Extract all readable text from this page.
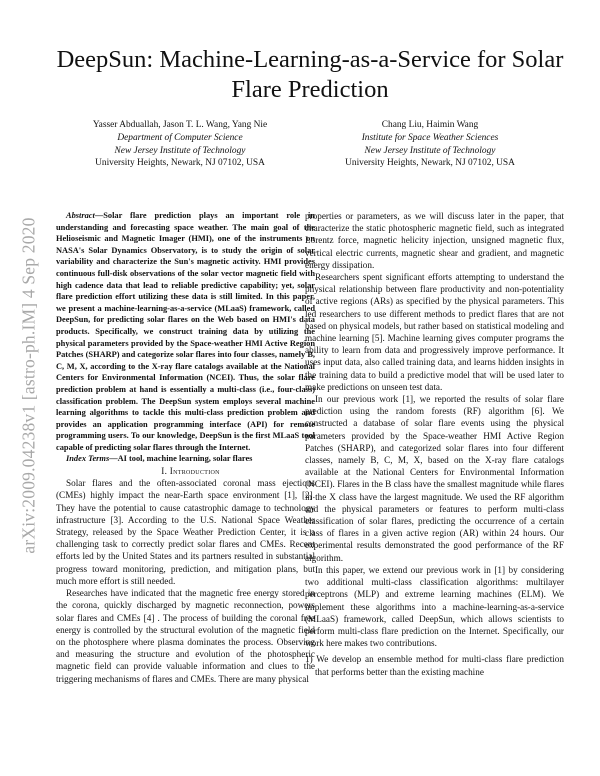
arXiv:2009.04238v1 [astro-ph.IM] 4 Sep 2020
DeepSun: Machine-Learning-as-a-Service for Solar Flare Prediction
Yasser Abduallah, Jason T. L. Wang, Yang Nie
Department of Computer Science
New Jersey Institute of Technology
University Heights, Newark, NJ 07102, USA
Chang Liu, Haimin Wang
Institute for Space Weather Sciences
New Jersey Institute of Technology
University Heights, Newark, NJ 07102, USA

Abstract—Solar flare prediction plays an important role in understanding and forecasting space weather. The main goal of the Helioseismic and Magnetic Imager (HMI), one of the instruments on NASA's Solar Dynamics Observatory, is to study the origin of solar variability and characterize the Sun's magnetic activity. HMI provides continuous full-disk observations of the solar vector magnetic field with high cadence data that lead to reliable predictive capability; yet, solar flare prediction effort utilizing these data is still limited. In this paper, we present a machine-learning-as-a-service (MLaaS) framework, called DeepSun, for predicting solar flares on the Web based on HMI's data products. Specifically, we construct training data by utilizing the physical parameters provided by the Space-weather HMI Active Region Patches (SHARP) and categorize solar flares into four classes, namely B, C, M, X, according to the X-ray flare catalogs available at the National Centers for Environmental Information (NCEI). Thus, the solar flare prediction problem at hand is essentially a multi-class (i.e., four-class) classification problem. The DeepSun system employs several machine learning algorithms to tackle this multi-class prediction problem and provides an application programming interface (API) for remote programming users. To our knowledge, DeepSun is the first MLaaS tool capable of predicting solar flares through the Internet.

Index Terms—AI tool, machine learning, solar flares

I. Introduction

Solar flares and the often-associated coronal mass ejections (CMEs) highly impact the near-Earth space environment [1], [2]. They have the potential to cause catastrophic damage to technology infrastructure [3]. According to the U.S. National Space Weather Strategy, released by the Space Weather Prediction Center, it is a challenging task to correctly predict solar flares and CMEs. Recent efforts led by the United States and its partners resulted in substantial progress toward monitoring, prediction, and mitigation plans, but much more effort is still needed.

Researches have indicated that the magnetic free energy stored in the corona, quickly discharged by magnetic reconnection, powers solar flares and CMEs [4] . The process of building the coronal free energy is controlled by the structural evolution of the magnetic field on the photosphere where plasma dominates the process. Observing and measuring the structure and evolution of the photospheric magnetic field can provide valuable information and clues to the triggering mechanisms of flares and CMEs. There are many physical

properties or parameters, as we will discuss later in the paper, that characterize the static photospheric magnetic field, such as integrated Lorentz force, magnetic helicity injection, unsigned magnetic flux, vertical electric currents, magnetic shear and gradient, and magnetic energy dissipation.

Researchers spent significant efforts attempting to understand the physical relationship between flare productivity and non-potentiality of active regions (ARs) as specified by the physical parameters. This led researchers to use different methods to predict flares that are not based on physical models, but rather based on statistical modeling and machine learning [5]. Machine learning gives computer programs the ability to learn from data and progressively improve performance. It uses input data, also called training data, and learns hidden insights in the training data to build a predictive model that will be used later to make predictions on unseen test data.

In our previous work [1], we reported the results of solar flare prediction using the random forests (RF) algorithm [6]. We constructed a database of solar flare events using the physical parameters provided by the Space-weather HMI Active Region Patches (SHARP), and categorized solar flares into four different classes, namely B, C, M, X, based on the X-ray flare catalogs available at the National Centers for Environmental Information (NCEI). Flares in the B class have the smallest magnitude while flares in the X class have the largest magnitude. We used the RF algorithm and the physical parameters or features to perform multi-class classification of solar flares, predicting the occurrence of a certain class of flares in a given active region (AR) within 24 hours. Our experimental results demonstrated the good performance of the RF algorithm.

In this paper, we extend our previous work in [1] by considering two additional multi-class classification algorithms: multilayer perceptrons (MLP) and extreme learning machines (ELM). We implement these algorithms into a machine-learning-as-a-service (MLaaS) framework, called DeepSun, which allows scientists to perform multi-class flare prediction on the Internet. Specifically, our work here makes two contributions.

1) We develop an ensemble method for multi-class flare prediction that performs better than the existing machine
